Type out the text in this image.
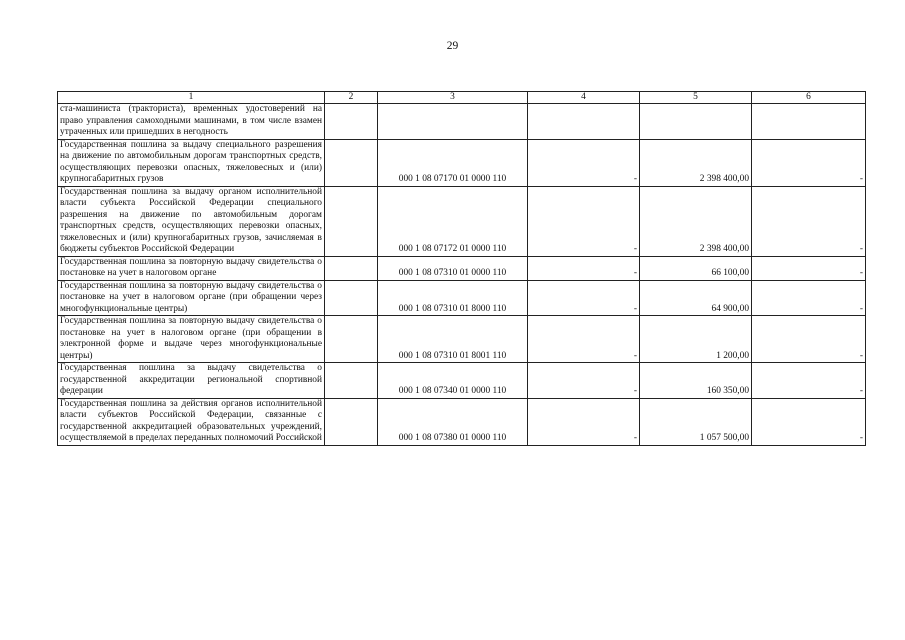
29
1	2	3	4	5	6
ста-машиниста (тракториста), временных удостоверений на право управления самоходными машинами, в том числе взамен утраченных или пришедших в негодность					
Государственная пошлина за выдачу специального разрешения на движение по автомобильным дорогам транспортных средств, осуществляющих перевозки опасных, тяжеловесных и (или) крупногабаритных грузов		000 1 08 07170 01 0000 110	-	2 398 400,00	-
Государственная пошлина за выдачу органом исполнительной власти субъекта Российской Федерации специального разрешения на движение по автомобильным дорогам транспортных средств, осуществляющих перевозки опасных, тяжеловесных и (или) крупногабаритных грузов, зачисляемая в бюджеты субъектов Российской Федерации		000 1 08 07172 01 0000 110	-	2 398 400,00	-
Государственная пошлина за повторную выдачу свидетельства о постановке на учет в налоговом органе		000 1 08 07310 01 0000 110	-	66 100,00	-
Государственная пошлина за повторную выдачу свидетельства о постановке на учет в налоговом органе (при обращении через многофункциональные центры)		000 1 08 07310 01 8000 110	-	64 900,00	-
Государственная пошлина за повторную выдачу свидетельства о постановке на учет в налоговом органе (при обращении в электронной форме и выдаче через многофункциональные центры)		000 1 08 07310 01 8001 110	-	1 200,00	-
Государственная пошлина за выдачу свидетельства о государственной аккредитации региональной спортивной федерации		000 1 08 07340 01 0000 110	-	160 350,00	-
Государственная пошлина за действия органов исполнительной власти субъектов Российской Федерации, связанные с государственной аккредитацией образовательных учреждений, осуществляемой в пределах переданных полномочий Российской		000 1 08 07380 01 0000 110	-	1 057 500,00	-
